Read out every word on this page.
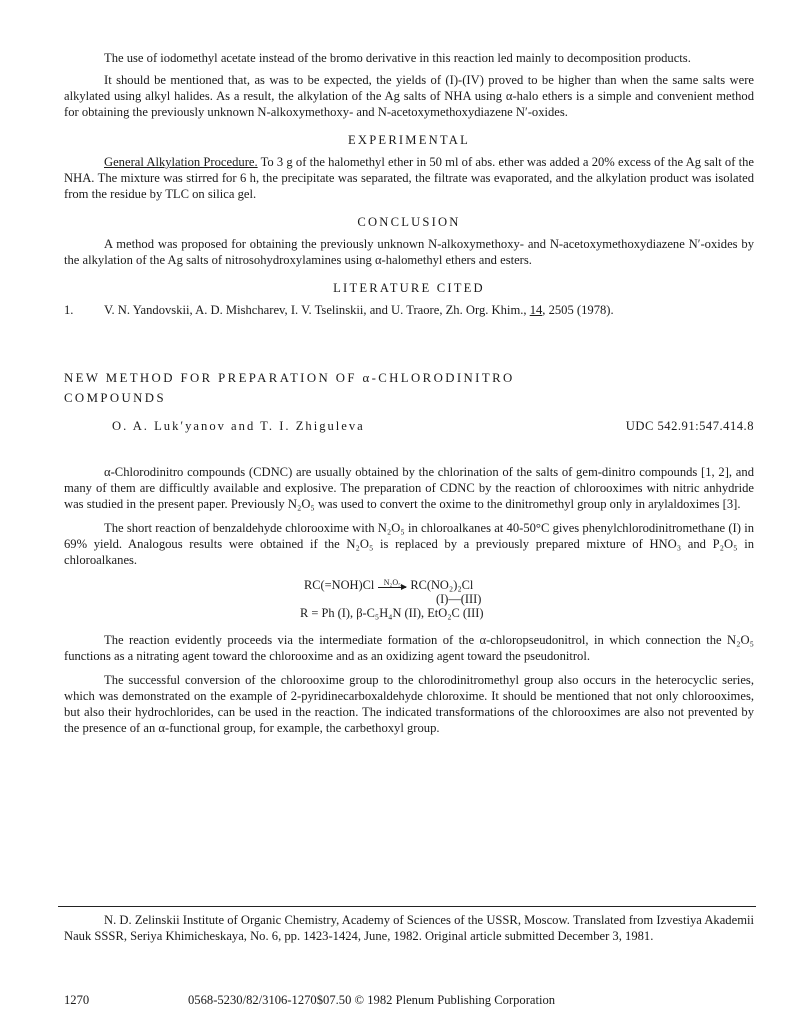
The use of iodomethyl acetate instead of the bromo derivative in this reaction led mainly to decomposition products.

It should be mentioned that, as was to be expected, the yields of (I)-(IV) proved to be higher than when the same salts were alkylated using alkyl halides. As a result, the alkylation of the Ag salts of NHA using α-halo ethers is a simple and convenient method for obtaining the previously unknown N-alkoxymethoxy- and N-acetoxymethoxydiazene N′-oxides.

EXPERIMENTAL

General Alkylation Procedure. To 3 g of the halomethyl ether in 50 ml of abs. ether was added a 20% excess of the Ag salt of the NHA. The mixture was stirred for 6 h, the precipitate was separated, the filtrate was evaporated, and the alkylation product was isolated from the residue by TLC on silica gel.

CONCLUSION

A method was proposed for obtaining the previously unknown N-alkoxymethoxy- and N-acetoxymethoxydiazene N′-oxides by the alkylation of the Ag salts of nitrosohydroxylamines using α-halomethyl ethers and esters.

LITERATURE CITED
1.	V. N. Yandovskii, A. D. Mishcharev, I. V. Tselinskii, and U. Traore, Zh. Org. Khim., 14, 2505 (1978).
NEW METHOD FOR PREPARATION OF α-CHLORODINITRO
COMPOUNDS
O. A. Luk′yanov and T. I. Zhiguleva	UDC 542.91:547.414.8

α-Chlorodinitro compounds (CDNC) are usually obtained by the chlorination of the salts of gem-dinitro compounds [1, 2], and many of them are difficultly available and explosive. The preparation of CDNC by the reaction of chlorooximes with nitric anhydride was studied in the present paper. Previously N₂O₅ was used to convert the oxime to the dinitromethyl group only in arylaldoximes [3].

The short reaction of benzaldehyde chlorooxime with N₂O₅ in chloroalkanes at 40-50°C gives phenylchlorodinitromethane (I) in 69% yield. Analogous results were obtained if the N₂O₅ is replaced by a previously prepared mixture of HNO₃ and P₂O₅ in chloroalkanes.

RC(=NOH)Cl N₂O₅ RC(NO₂)₂Cl
(I)—(III)
R = Ph (I), β-C₅H₄N (II), EtO₂C (III)

The reaction evidently proceeds via the intermediate formation of the α-chloropseudonitrol, in which connection the N₂O₅ functions as a nitrating agent toward the chlorooxime and as an oxidizing agent toward the pseudonitrol.

The successful conversion of the chlorooxime group to the chlorodinitromethyl group also occurs in the heterocyclic series, which was demonstrated on the example of 2-pyridinecarboxaldehyde chloroxime. It should be mentioned that not only chlorooximes, but also their hydrochlorides, can be used in the reaction. The indicated transformations of the chlorooximes are also not prevented by the presence of an α-functional group, for example, the carbethoxyl group.

N. D. Zelinskii Institute of Organic Chemistry, Academy of Sciences of the USSR, Moscow. Translated from Izvestiya Akademii Nauk SSSR, Seriya Khimicheskaya, No. 6, pp. 1423-1424, June, 1982. Original article submitted December 3, 1981.

1270	0568-5230/82/3106-1270$07.50 © 1982 Plenum Publishing Corporation
